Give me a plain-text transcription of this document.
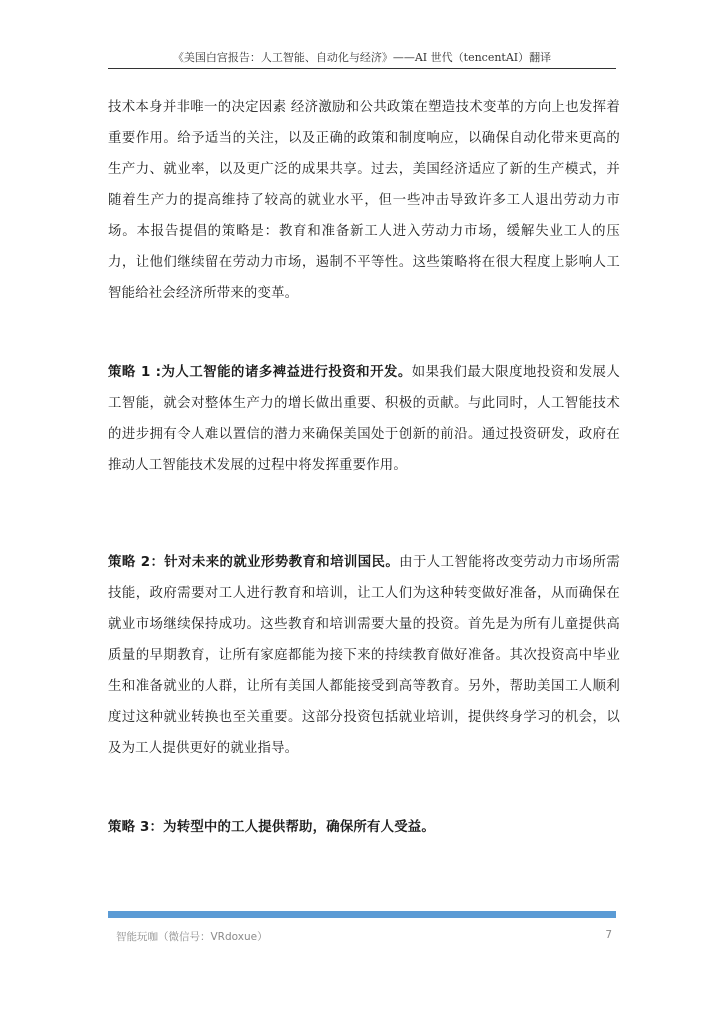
《美国白宫报告：人工智能、自动化与经济》——AI 世代（tencentAI）翻译

技术本身并非唯一的决定因素 经济激励和公共政策在塑造技术变革的方向上也发挥着重要作用。给予适当的关注，以及正确的政策和制度响应，以确保自动化带来更高的生产力、就业率，以及更广泛的成果共享。过去，美国经济适应了新的生产模式，并随着生产力的提高维持了较高的就业水平，但一些冲击导致许多工人退出劳动力市场。本报告提倡的策略是：教育和准备新工人进入劳动力市场，缓解失业工人的压力，让他们继续留在劳动力市场，遏制不平等性。这些策略将在很大程度上影响人工智能给社会经济所带来的变革。

策略 1 :为人工智能的诸多裨益进行投资和开发。如果我们最大限度地投资和发展人工智能，就会对整体生产力的增长做出重要、积极的贡献。与此同时，人工智能技术的进步拥有令人难以置信的潜力来确保美国处于创新的前沿。通过投资研发，政府在推动人工智能技术发展的过程中将发挥重要作用。

策略 2：针对未来的就业形势教育和培训国民。由于人工智能将改变劳动力市场所需技能，政府需要对工人进行教育和培训，让工人们为这种转变做好准备，从而确保在就业市场继续保持成功。这些教育和培训需要大量的投资。首先是为所有儿童提供高质量的早期教育，让所有家庭都能为接下来的持续教育做好准备。其次投资高中毕业生和准备就业的人群，让所有美国人都能接受到高等教育。另外，帮助美国工人顺利度过这种就业转换也至关重要。这部分投资包括就业培训，提供终身学习的机会，以及为工人提供更好的就业指导。

策略 3：为转型中的工人提供帮助，确保所有人受益。

智能玩咖（微信号：VRdoxue）	7
